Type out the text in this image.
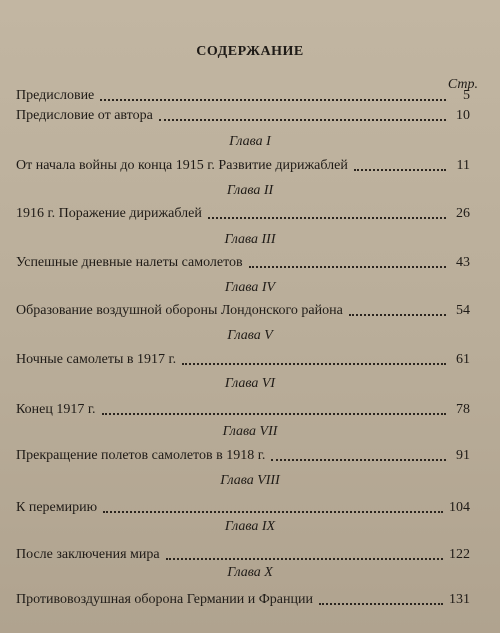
СОДЕРЖАНИЕ
Стр.
Предисловие	5
Предисловие от автора	10
Глава I
От начала войны до конца 1915 г. Развитие дирижаблей	11
Глава II
1916 г. Поражение дирижаблей	26
Глава III
Успешные дневные налеты самолетов	43
Глава IV
Образование воздушной обороны Лондонского района	54
Глава V
Ночные самолеты в 1917 г.	61
Глава VI
Конец 1917 г.	78
Глава VII
Прекращение полетов самолетов в 1918 г.	91
Глава VIII
К перемирию	104
Глава IX
После заключения мира	122
Глава X
Противовоздушная оборона Германии и Франции	131
